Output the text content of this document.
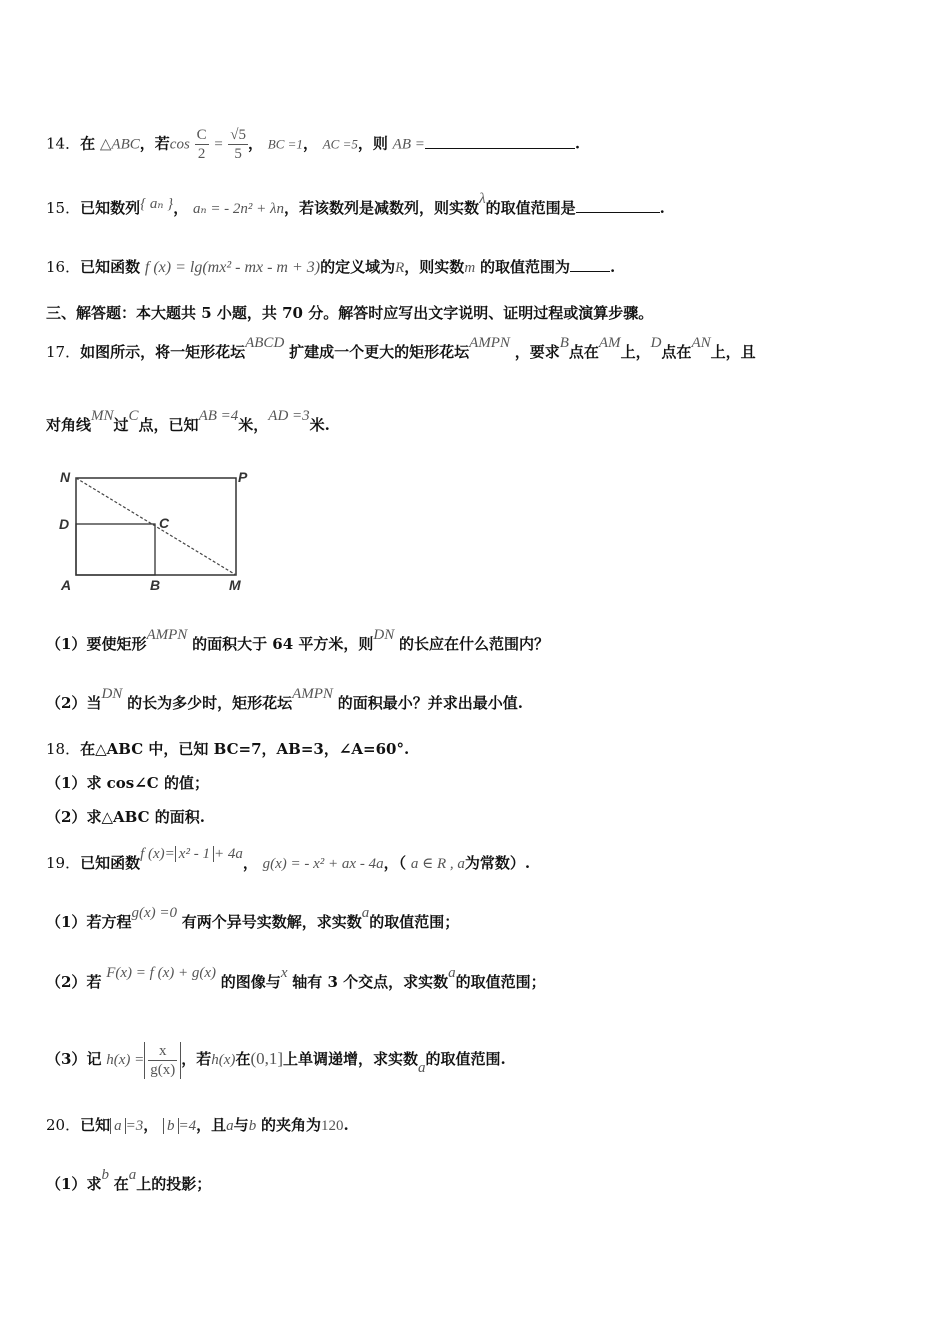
14．在 △ABC，若$\cos \frac{C}{2} = \frac{√5}{5}$ ， BC =1， AC =5，则 AB =	.
15．已知数列{ aₙ }， aₙ = - 2n² + λn，若该数列是减数列，则实数λ的取值范围是	.
16．已知函数 f (x) = lg(mx² - mx - m + 3)的定义域为R，则实数m 的取值范围为	.
三、解答题：本大题共 5 小题，共 70 分。解答时应写出文字说明、证明过程或演算步骤。
17．如图所示，将一矩形花坛ABCD 扩建成一个更大的矩形花坛AMPN ，要求B点在AM上，D点在AN上，且
对角线MN过C点，已知AB =4米，AD =3米.
N	P
D	C
A	B	M
（1）要使矩形AMPN 的面积大于 64 平方米，则DN 的长应在什么范围内？
（2）当DN 的长为多少时，矩形花坛AMPN 的面积最小？并求出最小值.
18．在△ABC 中，已知 BC=7，AB=3，∠A=60°.
（1）求 cos∠C 的值；
（2）求△ABC 的面积.
19．已知函数f (x)= x² - 1 + 4a， g(x) = - x² + ax - 4a，（ a ∈ R , a为常数）.
（1）若方程g(x) =0 有两个异号实数解，求实数a的取值范围；
（2）若 F(x) = f (x) + g(x) 的图像与x 轴有 3 个交点，求实数a的取值范围；
（3）记 $h(x) = \frac{x}{g(x)}$ ，若h(x)在(0,1]上单调递增，求实数a的取值范围.
20．已知 a =3， b =4，且a与b 的夹角为120.
（1）求b 在a上的投影；
